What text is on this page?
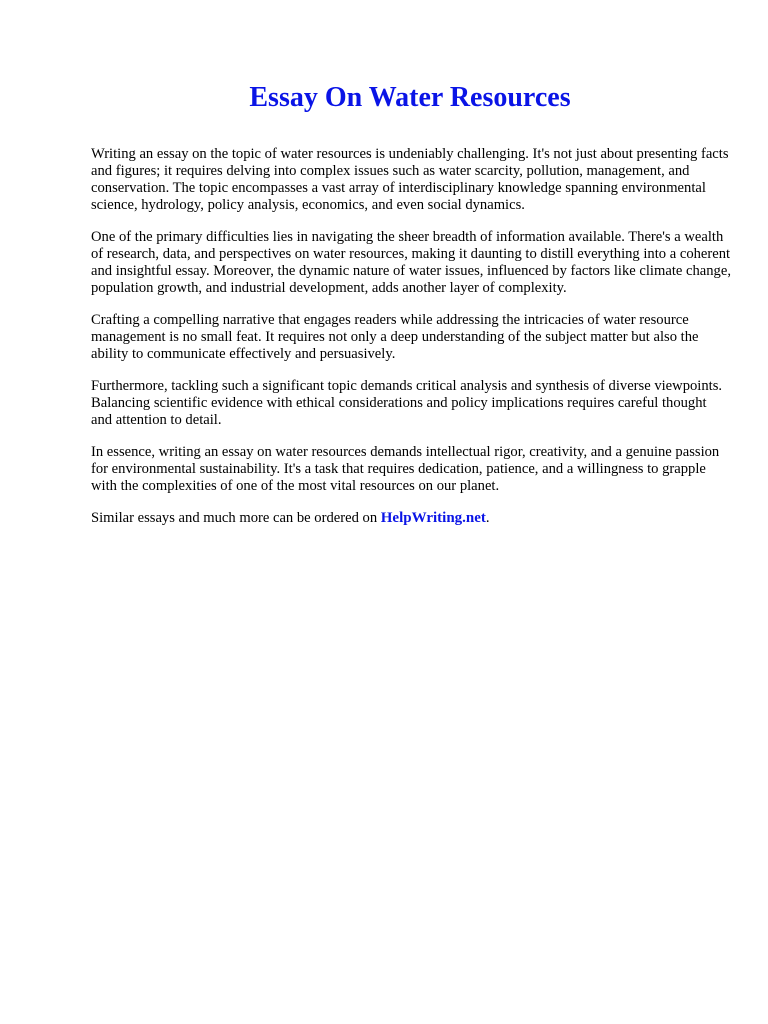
Essay On Water Resources

Writing an essay on the topic of water resources is undeniably challenging. It's not just about presenting facts and figures; it requires delving into complex issues such as water scarcity, pollution, management, and conservation. The topic encompasses a vast array of interdisciplinary knowledge spanning environmental science, hydrology, policy analysis, economics, and even social dynamics.

One of the primary difficulties lies in navigating the sheer breadth of information available. There's a wealth of research, data, and perspectives on water resources, making it daunting to distill everything into a coherent and insightful essay. Moreover, the dynamic nature of water issues, influenced by factors like climate change, population growth, and industrial development, adds another layer of complexity.

Crafting a compelling narrative that engages readers while addressing the intricacies of water resource management is no small feat. It requires not only a deep understanding of the subject matter but also the ability to communicate effectively and persuasively.

Furthermore, tackling such a significant topic demands critical analysis and synthesis of diverse viewpoints. Balancing scientific evidence with ethical considerations and policy implications requires careful thought and attention to detail.

In essence, writing an essay on water resources demands intellectual rigor, creativity, and a genuine passion for environmental sustainability. It's a task that requires dedication, patience, and a willingness to grapple with the complexities of one of the most vital resources on our planet.

Similar essays and much more can be ordered on HelpWriting.net.
